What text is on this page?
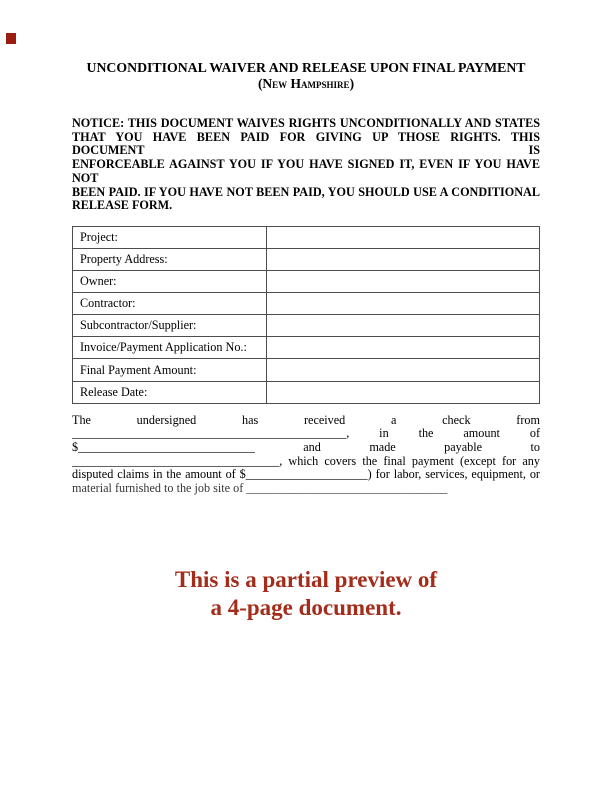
UNCONDITIONAL WAIVER AND RELEASE UPON FINAL PAYMENT
(New Hampshire)
NOTICE: THIS DOCUMENT WAIVES RIGHTS UNCONDITIONALLY AND STATES
THAT YOU HAVE BEEN PAID FOR GIVING UP THOSE RIGHTS. THIS DOCUMENT IS
ENFORCEABLE AGAINST YOU IF YOU HAVE SIGNED IT, EVEN IF YOU HAVE NOT
BEEN PAID. IF YOU HAVE NOT BEEN PAID, YOU SHOULD USE A CONDITIONAL
RELEASE FORM.
Project:	
Property Address:	
Owner:	
Contractor:	
Subcontractor/Supplier:	
Invoice/Payment Application No.:	
Final Payment Amount:	
Release Date:	
The undersigned has received a check from
_____________________________________________, in the amount of
$_____________________________ and made payable to
__________________________________, which covers the final payment (except for any
disputed claims in the amount of $____________________) for labor, services, equipment, or
material furnished to the job site of _________________________________
This is a partial preview of
a 4-page document.
